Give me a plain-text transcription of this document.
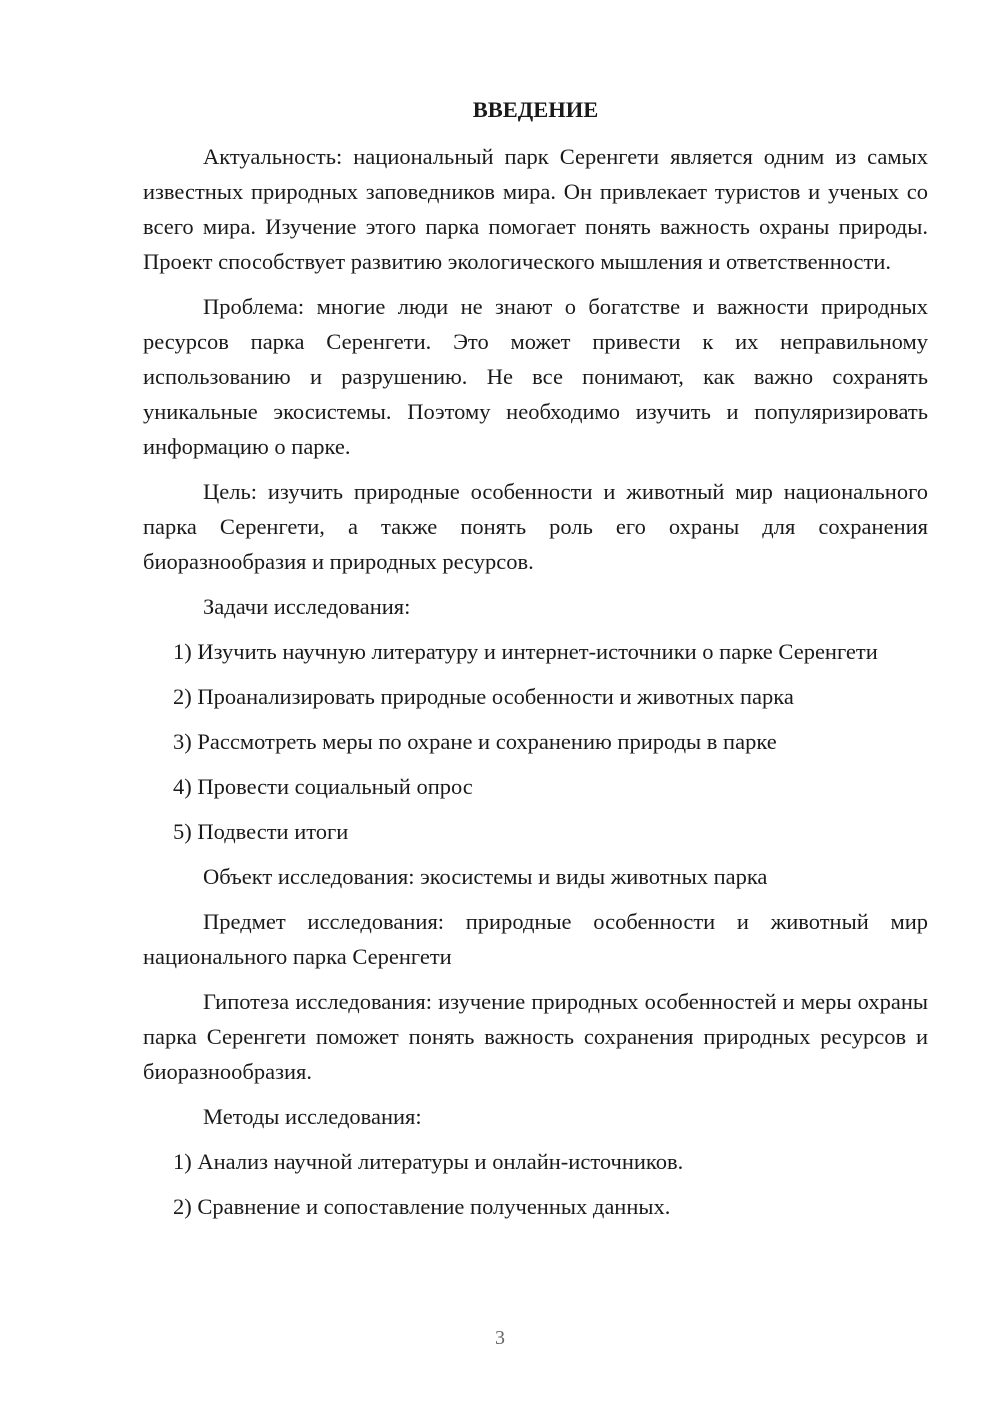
ВВЕДЕНИЕ

Актуальность: национальный парк Серенгети является одним из самых известных природных заповедников мира. Он привлекает туристов и ученых со всего мира. Изучение этого парка помогает понять важность охраны природы. Проект способствует развитию экологического мышления и ответственности.

Проблема: многие люди не знают о богатстве и важности природных ресурсов парка Серенгети. Это может привести к их неправильному использованию и разрушению. Не все понимают, как важно сохранять уникальные экосистемы. Поэтому необходимо изучить и популяризировать информацию о парке.

Цель: изучить природные особенности и животный мир национального парка Серенгети, а также понять роль его охраны для сохранения биоразнообразия и природных ресурсов.

Задачи исследования:

1) Изучить научную литературу и интернет-источники о парке Серенгети

2) Проанализировать природные особенности и животных парка

3) Рассмотреть меры по охране и сохранению природы в парке

4) Провести социальный опрос

5) Подвести итоги

Объект исследования: экосистемы и виды животных парка

Предмет исследования: природные особенности и животный мир национального парка Серенгети

Гипотеза исследования: изучение природных особенностей и меры охраны парка Серенгети поможет понять важность сохранения природных ресурсов и биоразнообразия.

Методы исследования:

1) Анализ научной литературы и онлайн-источников.

2) Сравнение и сопоставление полученных данных.

3
